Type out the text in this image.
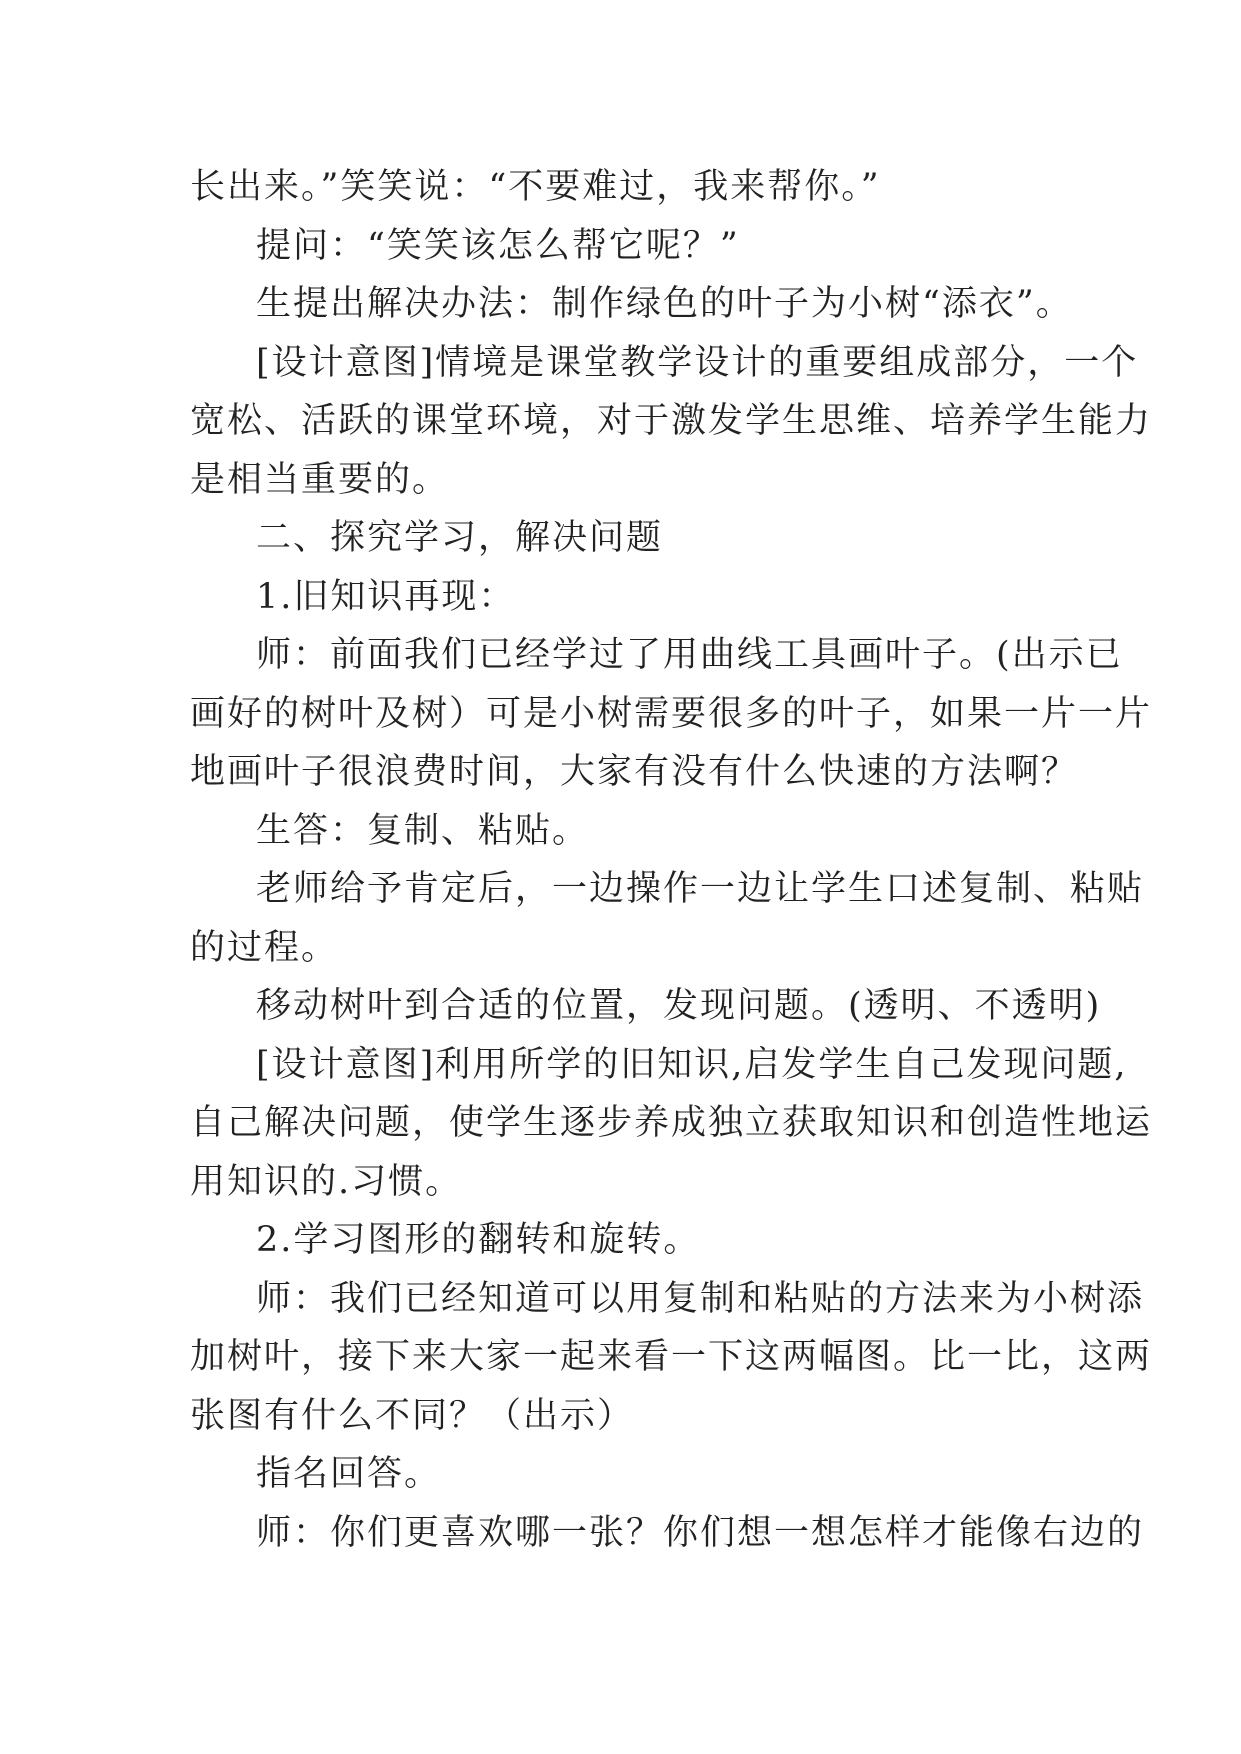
长出来。”笑笑说：“不要难过，我来帮你。”
提问：“笑笑该怎么帮它呢？”
生提出解决办法：制作绿色的叶子为小树“添衣”。
[设计意图]情境是课堂教学设计的重要组成部分，一个
宽松、活跃的课堂环境，对于激发学生思维、培养学生能力
是相当重要的。
二、探究学习，解决问题
1.旧知识再现：
师：前面我们已经学过了用曲线工具画叶子。(出示已
画好的树叶及树）可是小树需要很多的叶子，如果一片一片
地画叶子很浪费时间，大家有没有什么快速的方法啊？
生答：复制、粘贴。
老师给予肯定后，一边操作一边让学生口述复制、粘贴
的过程。
移动树叶到合适的位置，发现问题。(透明、不透明)
[设计意图]利用所学的旧知识,启发学生自己发现问题,
自己解决问题，使学生逐步养成独立获取知识和创造性地运
用知识的.习惯。
2.学习图形的翻转和旋转。
师：我们已经知道可以用复制和粘贴的方法来为小树添
加树叶，接下来大家一起来看一下这两幅图。比一比，这两
张图有什么不同？（出示）
指名回答。
师：你们更喜欢哪一张？你们想一想怎样才能像右边的
